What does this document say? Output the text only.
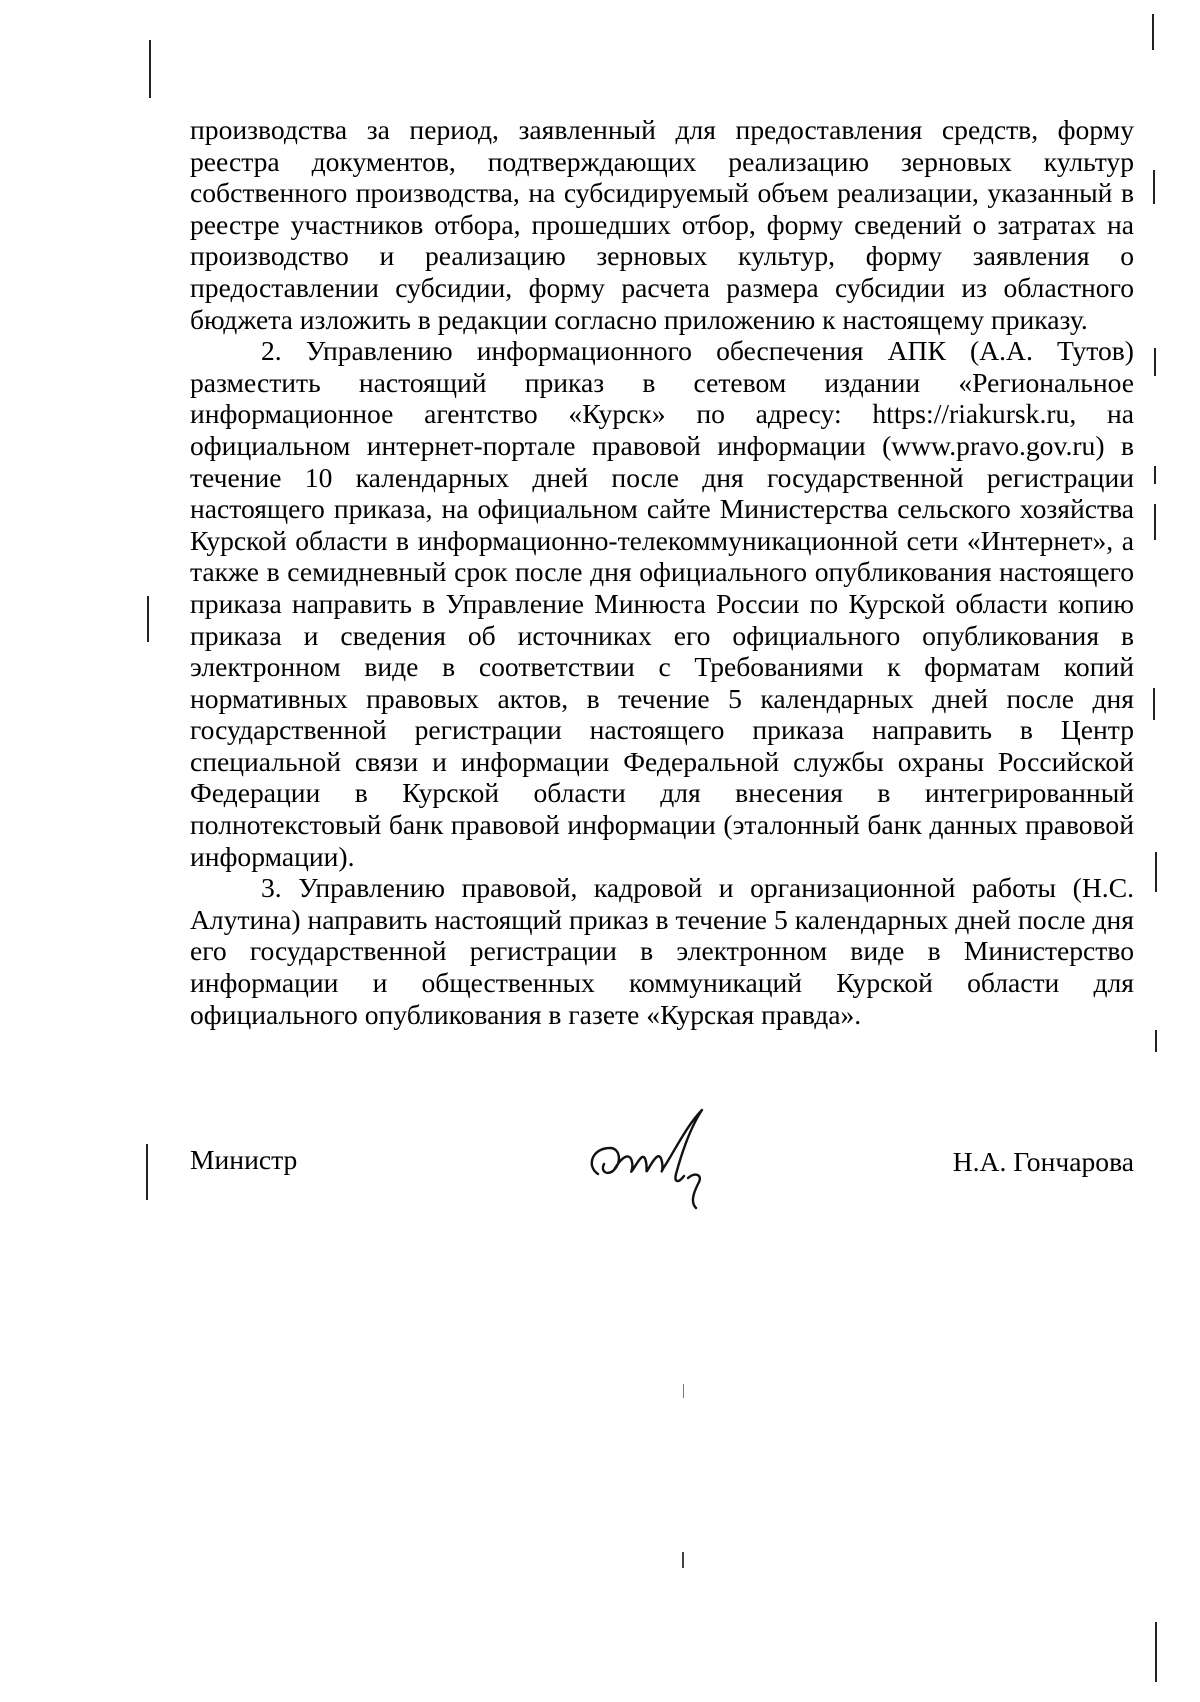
производства за период, заявленный для предоставления средств, форму реестра документов, подтверждающих реализацию зерновых культур собственного производства, на субсидируемый объем реализации, указанный в реестре участников отбора, прошедших отбор, форму сведений о затратах на производство и реализацию зерновых культур, форму заявления о предоставлении субсидии, форму расчета размера субсидии из областного бюджета изложить в редакции согласно приложению к настоящему приказу.

2. Управлению информационного обеспечения АПК (А.А. Тутов) разместить настоящий приказ в сетевом издании «Региональное информационное агентство «Курск» по адресу: https://riakursk.ru, на официальном интернет-портале правовой информации (www.pravo.gov.ru) в течение 10 календарных дней после дня государственной регистрации настоящего приказа, на официальном сайте Министерства сельского хозяйства Курской области в информационно-телекоммуникационной сети «Интернет», а также в семидневный срок после дня официального опубликования настоящего приказа направить в Управление Минюста России по Курской области копию приказа и сведения об источниках его официального опубликования в электронном виде в соответствии с Требованиями к форматам копий нормативных правовых актов, в течение 5 календарных дней после дня государственной регистрации настоящего приказа направить в Центр специальной связи и информации Федеральной службы охраны Российской Федерации в Курской области для внесения в интегрированный полнотекстовый банк правовой информации (эталонный банк данных правовой информации).

3. Управлению правовой, кадровой и организационной работы (Н.С. Алутина) направить настоящий приказ в течение 5 календарных дней после дня его государственной регистрации в электронном виде в Министерство информации и общественных коммуникаций Курской области для официального опубликования в газете «Курская правда».

Министр	Н.А. Гончарова
